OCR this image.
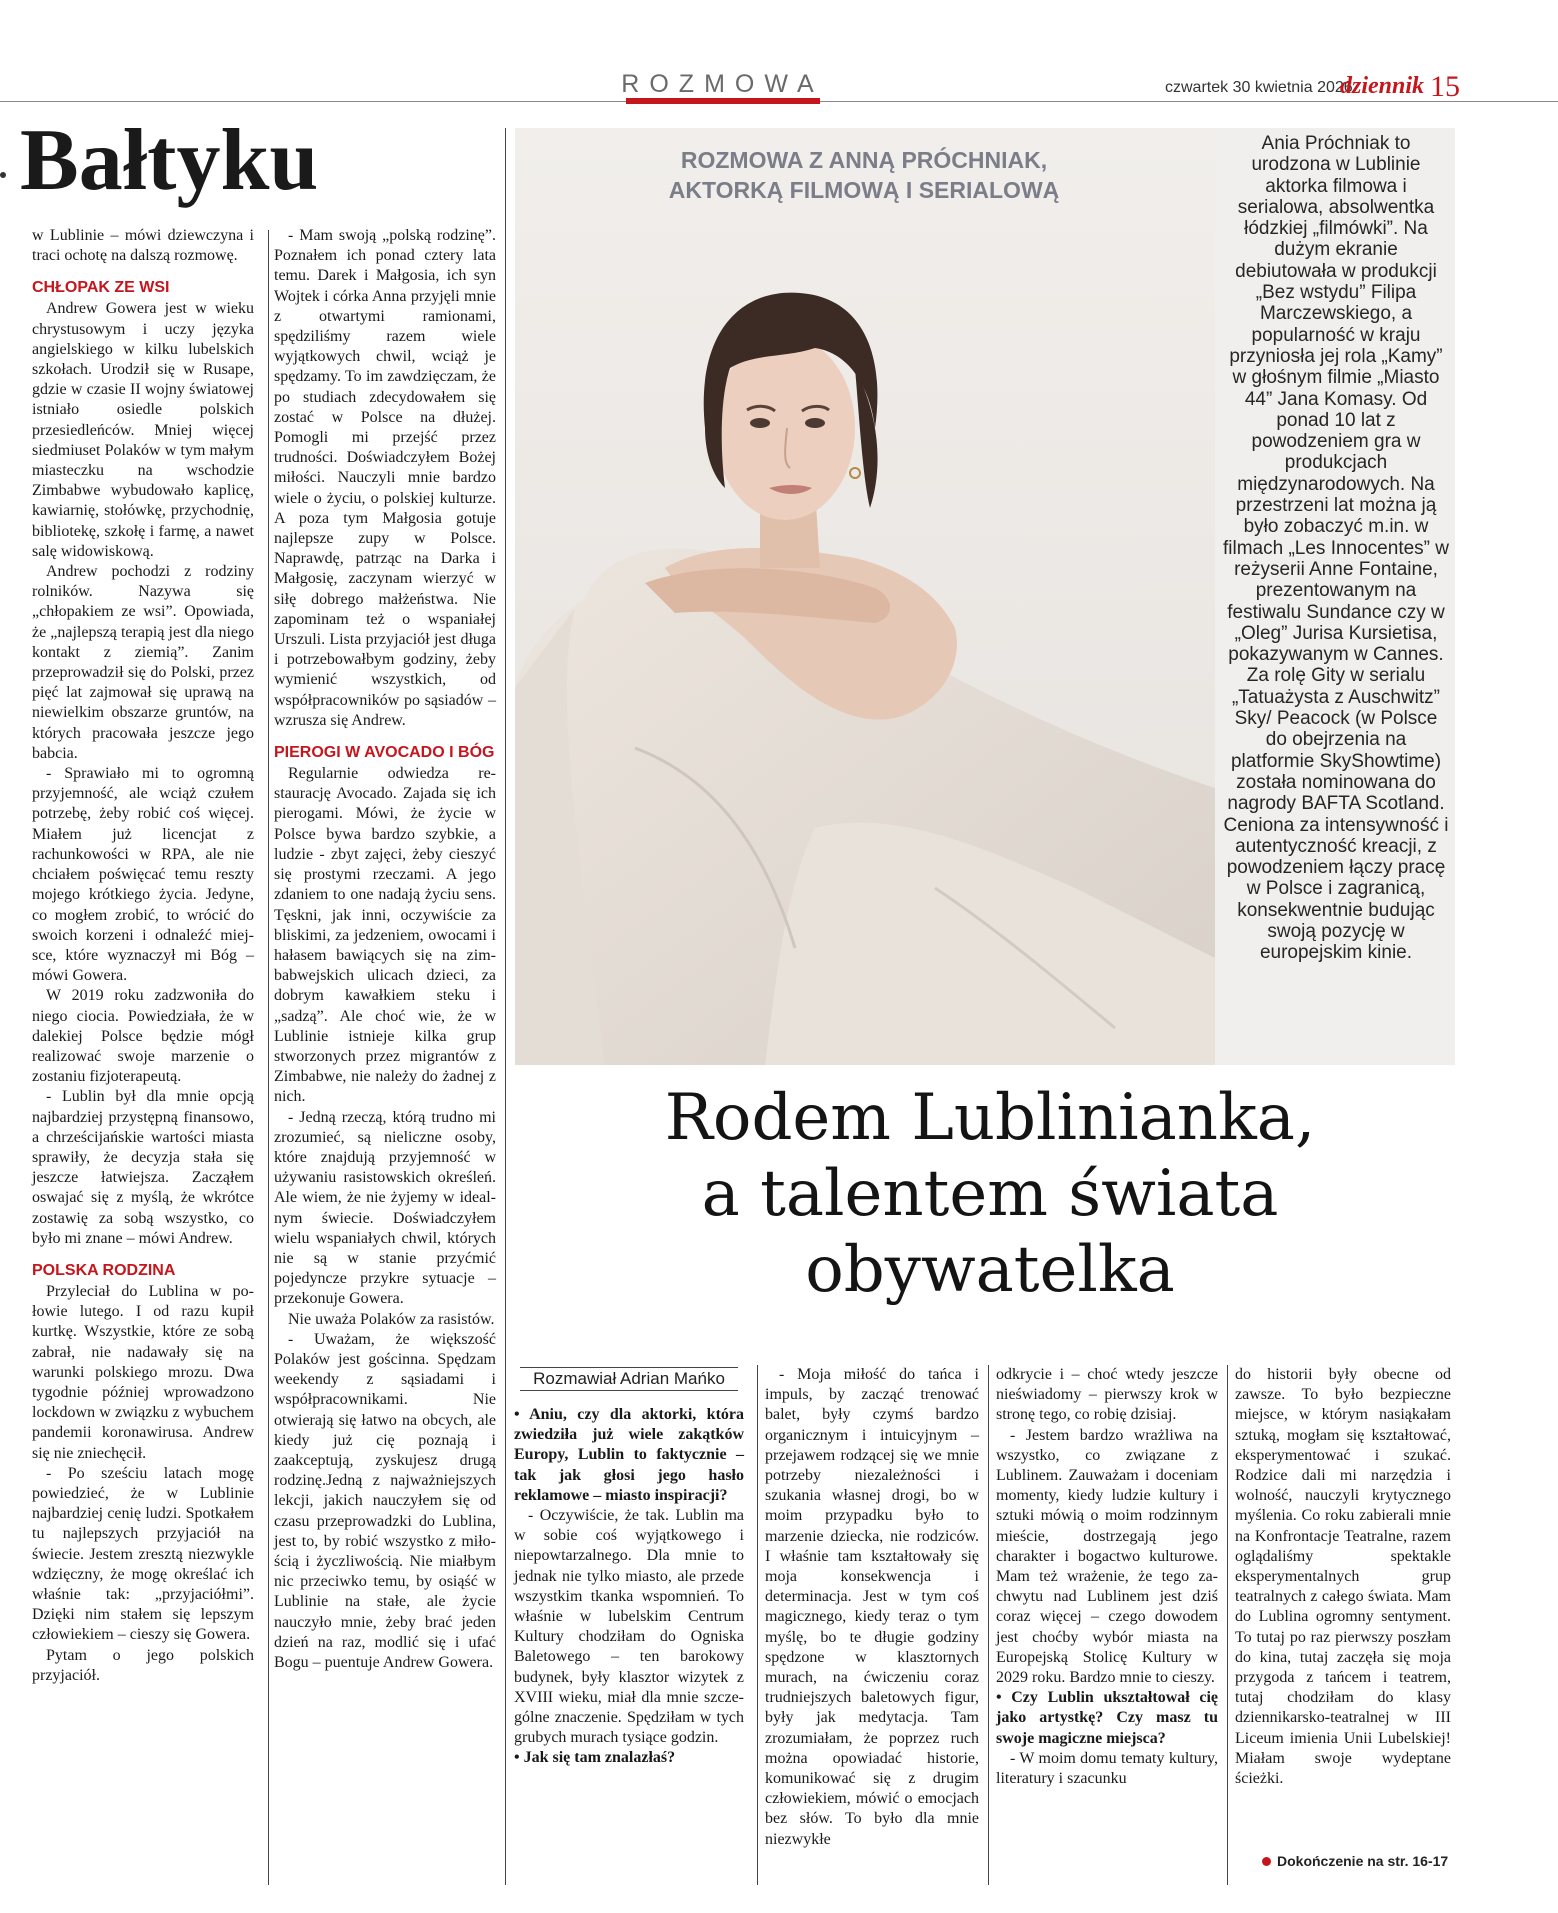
ROZMOWA	czwartek 30 kwietnia 2026
dziennik 15
Bałtyku

w Lublinie – mówi dziewczyna i traci ochotę na dalszą rozmowę.

CHŁOPAK ZE WSI

Andrew Gowera jest w wieku chrystusowym i uczy języka angielskiego w kilku lubelskich szkołach. Urodził się w Rusape, gdzie w czasie II wojny światowej istniało osiedle polskich przesiedleńców. Mniej więcej siedmiuset Polaków w tym małym miasteczku na wschodzie Zimbabwe wybudowało kaplicę, kawiarnię, stołówkę, przychodnię, bibliotekę, szkołę i farmę, a nawet salę widowiskową.

Andrew pochodzi z rodziny rolników. Nazywa się „chłopakiem ze wsi”. Opowiada, że „najlepszą terapią jest dla niego kontakt z ziemią”. Zanim przeprowadził się do Polski, przez pięć lat zajmował się uprawą na niewielkim obszarze gruntów, na których pracowała jeszcze jego babcia.

- Sprawiało mi to ogromną przyjemność, ale wciąż czułem potrzebę, żeby robić coś więcej. Miałem już licencjat z rachunkowości w RPA, ale nie chciałem poświęcać temu reszty mojego krótkiego życia. Jedyne, co mogłem zrobić, to wrócić do swoich korzeni i odnaleźć miejsce, które wyznaczył mi Bóg – mówi Gowera.

W 2019 roku zadzwoniła do niego ciocia. Powiedziała, że w dalekiej Polsce będzie mógł realizować swoje marzenie o zostaniu fizjoterapeutą.

- Lublin był dla mnie opcją najbardziej przystępną finansowo, a chrześcijańskie wartości miasta sprawiły, że decyzja stała się jeszcze łatwiejsza. Zacząłem oswajać się z myślą, że wkrótce zostawię za sobą wszystko, co było mi znane – mówi Andrew.

POLSKA RODZINA

Przyleciał do Lublina w połowie lutego. I od razu kupił kurtkę. Wszystkie, które ze sobą zabrał, nie nadawały się na warunki polskiego mrozu. Dwa tygodnie później wprowadzono lockdown w związku z wybuchem pandemii koronawirusa. Andrew się nie zniechęcił.

- Po sześciu latach mogę powiedzieć, że w Lublinie najbardziej cenię ludzi. Spotkałem tu najlepszych przyjaciół na świecie. Jestem zresztą niezwykle wdzięczny, że mogę określać ich właśnie tak: „przyjaciółmi”. Dzięki nim stałem się lepszym człowiekiem – cieszy się Gowera.

Pytam o jego polskich przyjaciół.

- Mam swoją „polską rodzinę”. Poznałem ich ponad cztery lata temu. Darek i Małgosia, ich syn Wojtek i córka Anna przyjęli mnie z otwartymi ramionami, spędziliśmy razem wiele wyjątkowych chwil, wciąż je spędzamy. To im zawdzięczam, że po studiach zdecydowałem się zostać w Polsce na dłużej. Pomogli mi przejść przez trudności. Doświadczyłem Bożej miłości. Nauczyli mnie bardzo wiele o życiu, o polskiej kulturze. A poza tym Małgosia gotuje najlepsze zupy w Polsce. Naprawdę, patrząc na Darka i Małgosię, zaczynam wierzyć w siłę dobrego małżeństwa. Nie zapominam też o wspaniałej Urszuli. Lista przyjaciół jest długa i potrzebowałbym godziny, żeby wymienić wszystkich, od współpracowników po sąsiadów – wzrusza się Andrew.

PIEROGI W AVOCADO I BÓG

Regularnie odwiedza restaurację Avocado. Zajada się ich pierogami. Mówi, że życie w Polsce bywa bardzo szybkie, a ludzie - zbyt zajęci, żeby cieszyć się prostymi rzeczami. A jego zdaniem to one nadają życiu sens. Tęskni, jak inni, oczywiście za bliskimi, za jedzeniem, owocami i hałasem bawiących się na zimbabwejskich ulicach dzieci, za dobrym kawałkiem steku i „sadzą”. Ale choć wie, że w Lublinie istnieje kilka grup stworzonych przez migrantów z Zimbabwe, nie należy do żadnej z nich.

- Jedną rzeczą, którą trudno mi zrozumieć, są nieliczne osoby, które znajdują przyjemność w używaniu rasistowskich określeń. Ale wiem, że nie żyjemy w idealnym świecie. Doświadczyłem wielu wspaniałych chwil, których nie są w stanie przyćmić pojedyncze przykre sytuacje – przekonuje Gowera.

Nie uważa Polaków za rasistów.

- Uważam, że większość Polaków jest gościnna. Spędzam weekendy z sąsiadami i współpracownikami. Nie otwierają się łatwo na obcych, ale kiedy już cię poznają i zaakceptują, zyskujesz drugą rodzinę.Jedną z najważniejszych lekcji, jakich nauczyłem się od czasu przeprowadzki do Lublina, jest to, by robić wszystko z miłością i życzliwością. Nie miałbym nic przeciwko temu, by osiąść w Lublinie na stałe, ale życie nauczyło mnie, żeby brać jeden dzień na raz, modlić się i ufać Bogu – puentuje Andrew Gowera.

ROZMOWA Z ANNĄ PRÓCHNIAK,
AKTORKĄ FILMOWĄ I SERIALOWĄ
Ania Próchniak to urodzona w Lublinie aktorka filmowa i serialowa, absolwentka łódzkiej „filmówki”. Na dużym ekranie debiutowała w produkcji „Bez wstydu” Filipa Marczewskiego, a popularność w kraju przyniosła jej rola „Kamy” w głośnym filmie „Miasto 44” Jana Komasy. Od ponad 10 lat z powodzeniem gra w produkcjach międzynarodowych. Na przestrzeni lat można ją było zobaczyć m.in. w filmach „Les Innocentes” w reżyserii Anne Fontaine, prezentowanym na festiwalu Sundance czy w „Oleg” Jurisa Kursietisa, pokazywanym w Cannes. Za rolę Gity w serialu „Tatuażysta z Auschwitz” Sky/ Peacock (w Polsce do obejrzenia na platformie SkyShowtime) została nominowana do nagrody BAFTA Scotland. Ceniona za intensywność i autentyczność kreacji, z powodzeniem łączy pracę w Polsce i zagranicą, konsekwentnie budując swoją pozycję w europejskim kinie.
Rodem Lublinianka,
a talentem świata
obywatelka
Rozmawiał Adrian Mańko

• Aniu, czy dla aktorki, która zwiedziła już wiele zakątków Europy, Lublin to faktycznie – tak jak głosi jego hasło reklamowe – miasto inspiracji?

- Oczywiście, że tak. Lublin ma w sobie coś wyjątkowego i niepowtarzalnego. Dla mnie to jednak nie tylko miasto, ale przede wszystkim tkanka wspomnień. To właśnie w lubelskim Centrum Kultury chodziłam do Ogniska Baletowego – ten barokowy budynek, były klasztor wizytek z XVIII wieku, miał dla mnie szczególne znaczenie. Spędziłam w tych grubych murach tysiące godzin.

• Jak się tam znalazłaś?

- Moja miłość do tańca i impuls, by zacząć trenować balet, były czymś bardzo organicznym i intuicyjnym – przejawem rodzącej się we mnie potrzeby niezależności i szukania własnej drogi, bo w moim przypadku było to marzenie dziecka, nie rodziców. I właśnie tam kształtowały się moja konsekwencja i determinacja. Jest w tym coś magicznego, kiedy teraz o tym myślę, bo te długie godziny spędzone w klasztornych murach, na ćwiczeniu coraz trudniejszych baletowych figur, były jak medytacja. Tam zrozumiałam, że poprzez ruch można opowiadać historie, komunikować się z drugim człowiekiem, mówić o emocjach bez słów. To było dla mnie niezwykłe

odkrycie i – choć wtedy jeszcze nieświadomy – pierwszy krok w stronę tego, co robię dzisiaj.

- Jestem bardzo wrażliwa na wszystko, co związane z Lublinem. Zauważam i doceniam momenty, kiedy ludzie kultury i sztuki mówią o moim rodzinnym mieście, dostrzegają jego charakter i bogactwo kulturowe. Mam też wrażenie, że tego zachwytu nad Lublinem jest dziś coraz więcej – czego dowodem jest choćby wybór miasta na Europejską Stolicę Kultury w 2029 roku. Bardzo mnie to cieszy.

• Czy Lublin ukształtował cię jako artystkę? Czy masz tu swoje magiczne miejsca?

- W moim domu tematy kultury, literatury i szacunku

do historii były obecne od zawsze. To było bezpieczne miejsce, w którym nasiąkałam sztuką, mogłam się kształtować, eksperymentować i szukać. Rodzice dali mi narzędzia i wolność, nauczyli krytycznego myślenia. Co roku zabierali mnie na Konfrontacje Teatralne, razem oglądaliśmy spektakle eksperymentalnych grup teatralnych z całego świata. Mam do Lublina ogromny sentyment. To tutaj po raz pierwszy poszłam do kina, tutaj zaczęła się moja przygoda z tańcem i teatrem, tutaj chodziłam do klasy dziennikarsko-teatralnej w III Liceum imienia Unii Lubelskiej! Miałam swoje wydeptane ścieżki.

Dokończenie na str. 16-17
